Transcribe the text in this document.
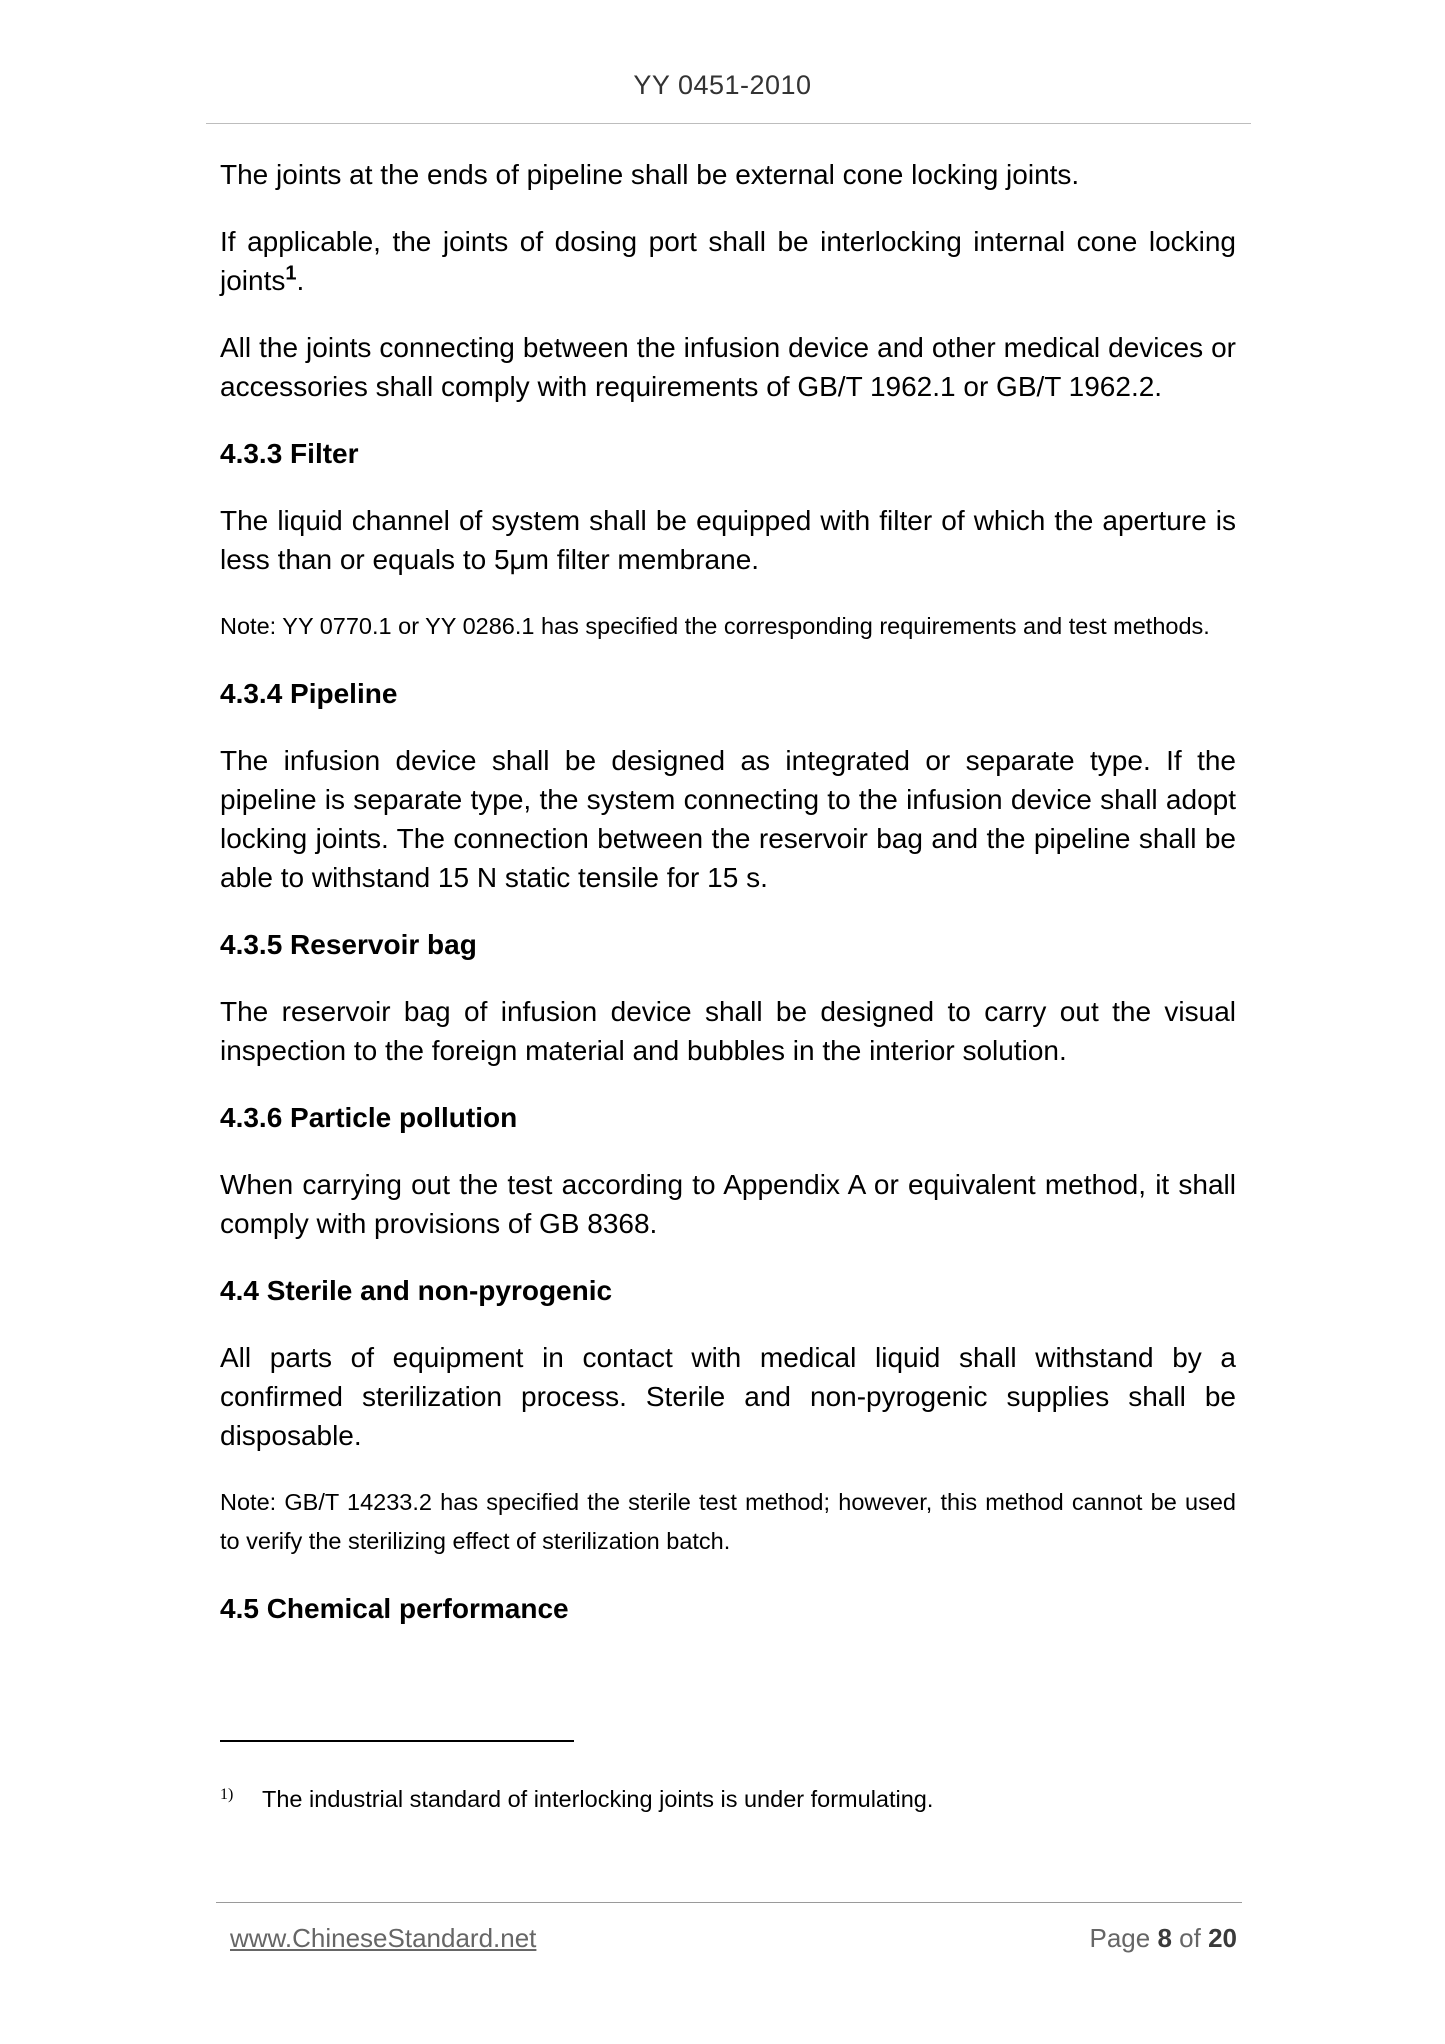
YY 0451-2010

The joints at the ends of pipeline shall be external cone locking joints.

If applicable, the joints of dosing port shall be interlocking internal cone locking joints$^1$.

All the joints connecting between the infusion device and other medical devices or accessories shall comply with requirements of GB/T 1962.1 or GB/T 1962.2.

4.3.3 Filter

The liquid channel of system shall be equipped with filter of which the aperture is less than or equals to 5μm filter membrane.

Note: YY 0770.1 or YY 0286.1 has specified the corresponding requirements and test methods.

4.3.4 Pipeline

The infusion device shall be designed as integrated or separate type. If the pipeline is separate type, the system connecting to the infusion device shall adopt locking joints. The connection between the reservoir bag and the pipeline shall be able to withstand 15 N static tensile for 15 s.

4.3.5 Reservoir bag

The reservoir bag of infusion device shall be designed to carry out the visual inspection to the foreign material and bubbles in the interior solution.

4.3.6 Particle pollution

When carrying out the test according to Appendix A or equivalent method, it shall comply with provisions of GB 8368.

4.4 Sterile and non-pyrogenic

All parts of equipment in contact with medical liquid shall withstand by a confirmed sterilization process. Sterile and non-pyrogenic supplies shall be disposable.

Note: GB/T 14233.2 has specified the sterile test method; however, this method cannot be used to verify the sterilizing effect of sterilization batch.

4.5 Chemical performance
1) The industrial standard of interlocking joints is under formulating.
www.ChineseStandard.net	Page 8 of 20
